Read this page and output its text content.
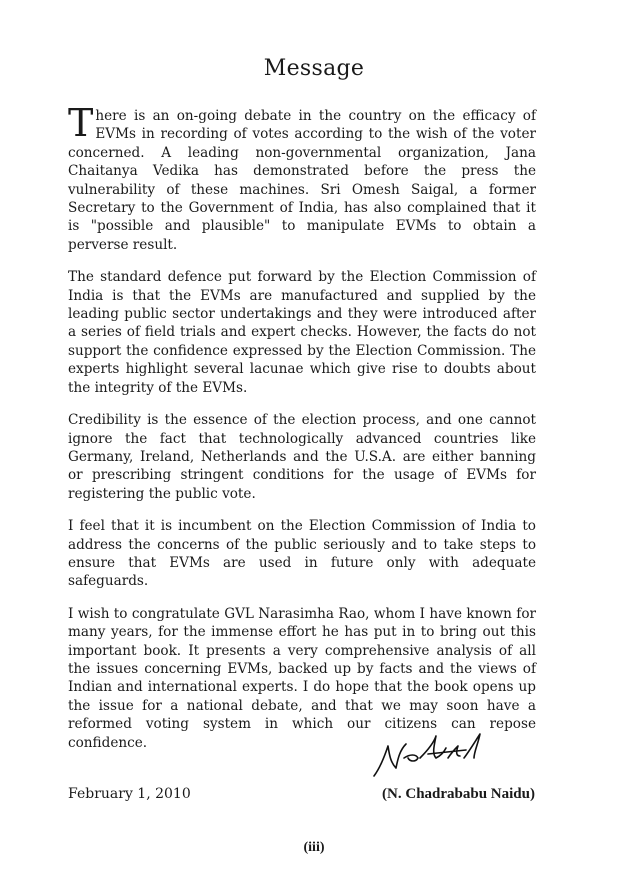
Message

There is an on-going debate in the country on the efficacy of EVMs in recording of votes according to the wish of the voter concerned. A leading non-governmental organization, Jana Chaitanya Vedika has demonstrated before the press the vulnerability of these machines. Sri Omesh Saigal, a former Secretary to the Government of India, has also complained that it is "possible and plausible" to manipulate EVMs to obtain a perverse result.

The standard defence put forward by the Election Commission of India is that the EVMs are manufactured and supplied by the leading public sector undertakings and they were introduced after a series of field trials and expert checks. However, the facts do not support the confidence expressed by the Election Commission. The experts highlight several lacunae which give rise to doubts about the integrity of the EVMs.

Credibility is the essence of the election process, and one cannot ignore the fact that technologically advanced countries like Germany, Ireland, Netherlands and the U.S.A. are either banning or prescribing stringent conditions for the usage of EVMs for registering the public vote.

I feel that it is incumbent on the Election Commission of India to address the concerns of the public seriously and to take steps to ensure that EVMs are used in future only with adequate safeguards.

I wish to congratulate GVL Narasimha Rao, whom I have known for many years, for the immense effort he has put in to bring out this important book. It presents a very comprehensive analysis of all the issues concerning EVMs, backed up by facts and the views of Indian and international experts. I do hope that the book opens up the issue for a national debate, and that we may soon have a reformed voting system in which our citizens can repose confidence.

February 1, 2010	(N. Chadrababu Naidu)
(iii)
